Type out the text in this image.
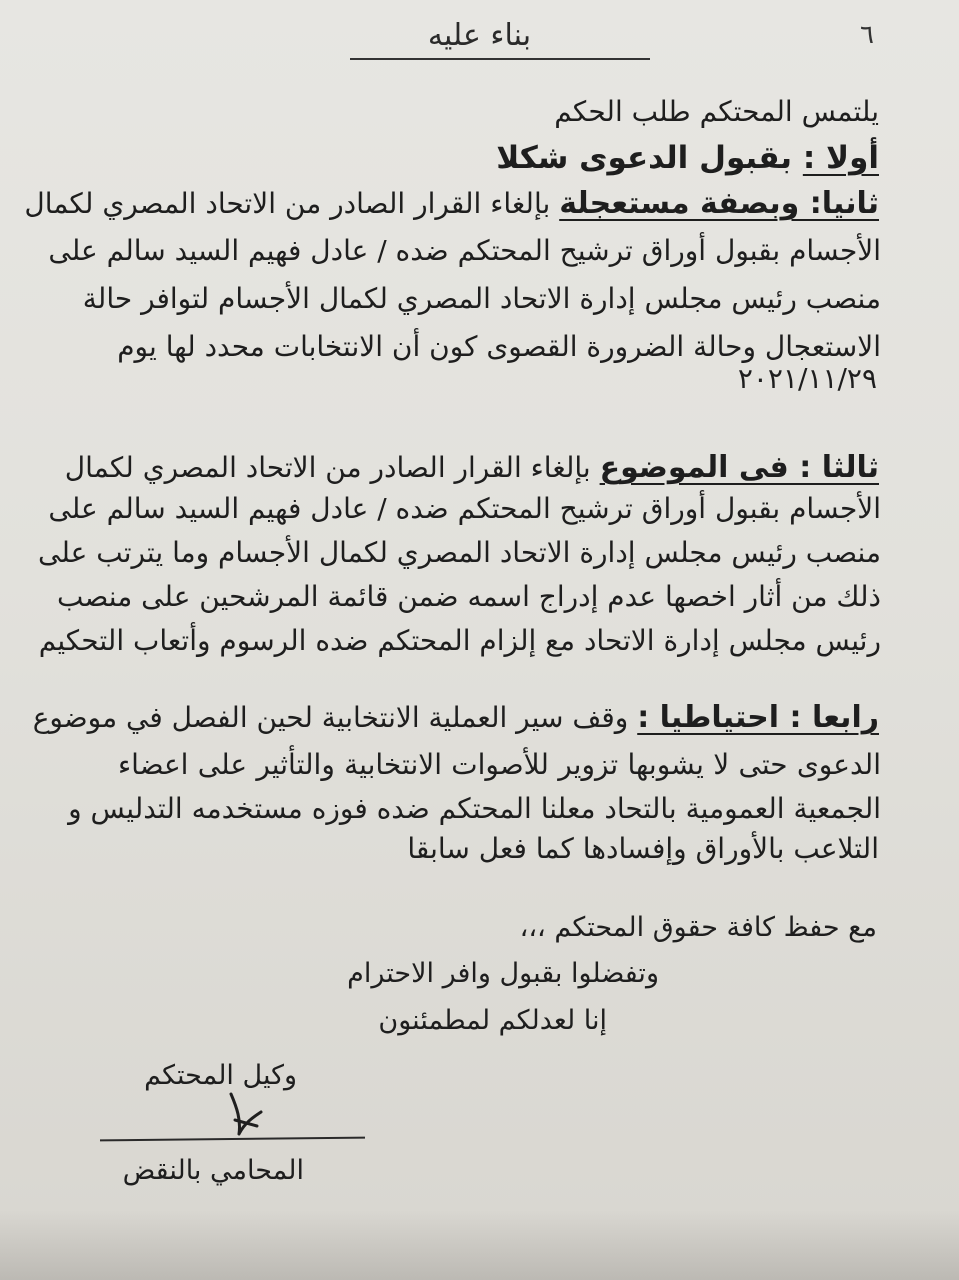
بناء عليه	٦
يلتمس المحتكم طلب الحكم
أولا : بقبول الدعوى شكلا
ثانيا: وبصفة مستعجلة بإلغاء القرار الصادر من الاتحاد المصري لكمال
الأجسام بقبول أوراق ترشيح المحتكم ضده / عادل فهيم السيد سالم على
منصب رئيس مجلس إدارة الاتحاد المصري لكمال الأجسام لتوافر حالة
الاستعجال وحالة الضرورة القصوى كون أن الانتخابات محدد لها يوم
٢٠٢١/١١/٢٩
ثالثا : فى الموضوع بإلغاء القرار الصادر من الاتحاد المصري لكمال
الأجسام بقبول أوراق ترشيح المحتكم ضده / عادل فهيم السيد سالم على
منصب رئيس مجلس إدارة الاتحاد المصري لكمال الأجسام وما يترتب على
ذلك من أثار اخصها عدم إدراج اسمه ضمن قائمة المرشحين على منصب
رئيس مجلس إدارة الاتحاد مع إلزام المحتكم ضده الرسوم وأتعاب التحكيم
رابعا : احتياطيا : وقف سير العملية الانتخابية لحين الفصل في موضوع
الدعوى حتى لا يشوبها تزوير للأصوات الانتخابية والتأثير على اعضاء
الجمعية العمومية بالتحاد معلنا المحتكم ضده فوزه مستخدمه التدليس و
التلاعب بالأوراق وإفسادها كما فعل سابقا
مع حفظ كافة حقوق المحتكم ،،،
وتفضلوا بقبول وافر الاحترام
إنا لعدلكم لمطمئنون
وكيل المحتكم
المحامي بالنقض
